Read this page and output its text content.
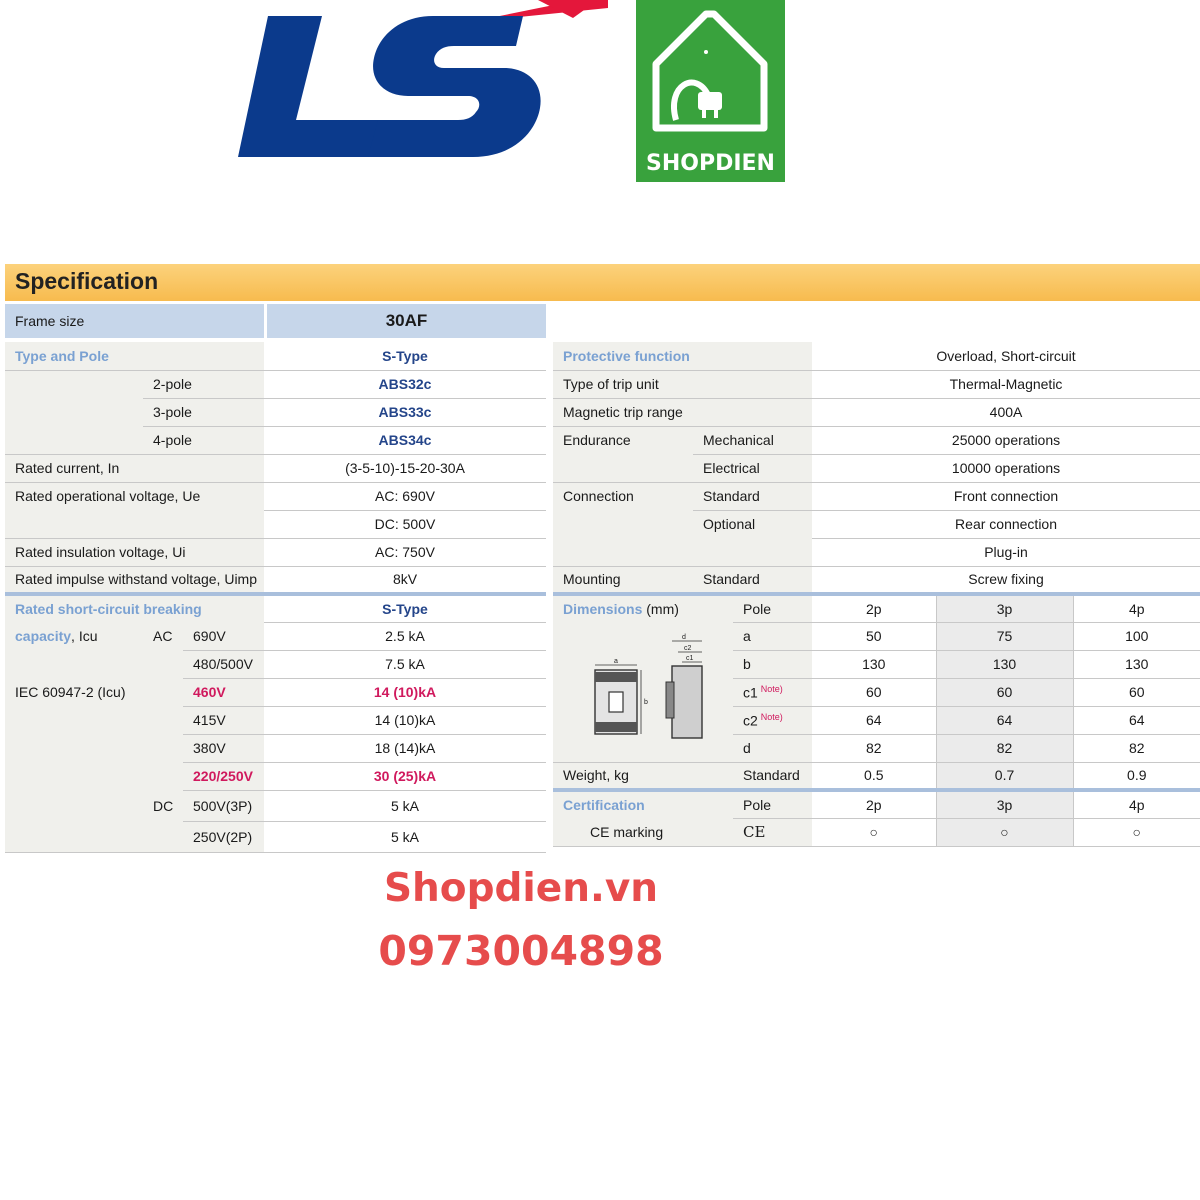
SHOPDIEN
Specification
Frame size	30AF
Type and Pole			S-Type
	2-pole		ABS32c
	3-pole		ABS33c
	4-pole		ABS34c
Rated current, In			(3-5-10)-15-20-30A
Rated operational voltage, Ue			AC: 690V
			DC: 500V
Rated insulation voltage, Ui			AC: 750V
Rated impulse withstand voltage, Uimp			8kV
Rated short-circuit breaking			S-Type
capacity, Icu	AC	690V	2.5 kA
		480/500V	7.5 kA
IEC 60947-2 (Icu)		460V	14 (10)kA
		415V	14 (10)kA
		380V	18 (14)kA
		220/250V	30 (25)kA
	DC	500V(3P)	5 kA
		250V(2P)	5 kA
Protective function			Overload, Short-circuit		
Type of trip unit			Thermal-Magnetic		
Magnetic trip range			400A		
Endurance	Mechanical		25000 operations		
	Electrical		10000 operations		
Connection	Standard		Front connection		
	Optional		Rear connection		
			Plug-in		
Mounting	Standard		Screw fixing		
Dimensions (mm)		Pole	2p	3p	4p
		a	50	75	100
		b	130	130	130
		c1 $^{Note)}$	60	60	60
		c2 $^{Note)}$	64	64	64
		d	82	82	82
Weight, kg		Standard	0.5	0.7	0.9
Certification		Pole	2p	3p	4p
CE marking		CE	○	○	○
a
b
d
c2
c1
Shopdien.vn
0973004898
